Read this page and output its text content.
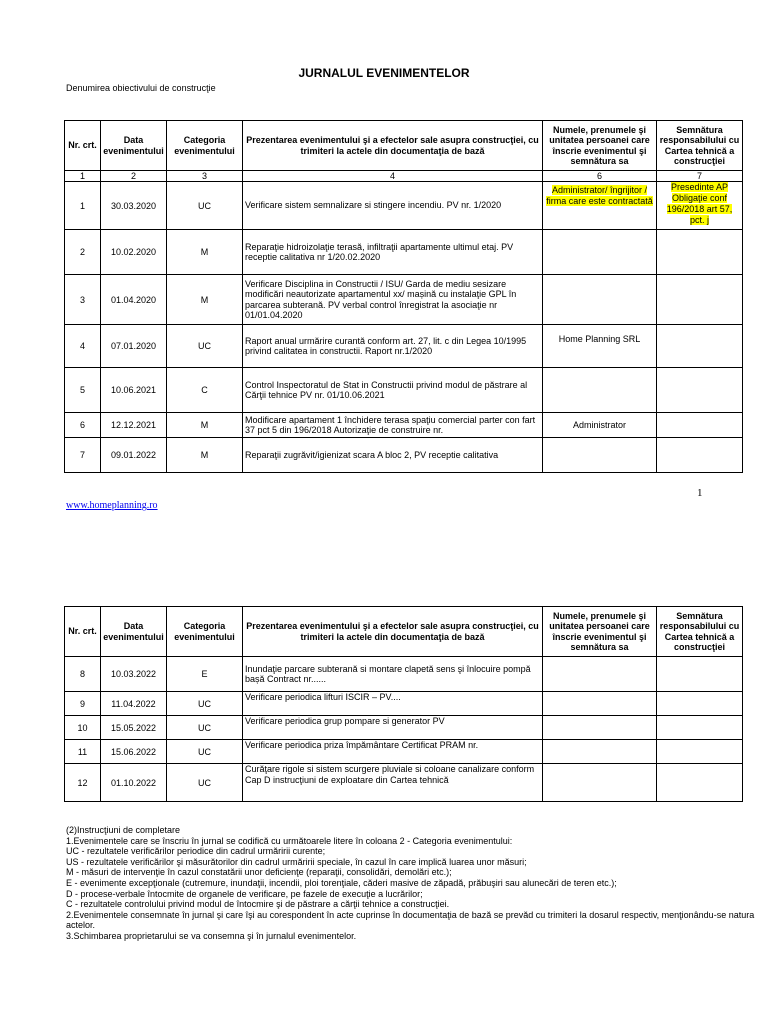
JURNALUL EVENIMENTELOR
Denumirea obiectivului de construcţie
Nr. crt.	Data evenimentului	Categoria evenimentului	Prezentarea evenimentului şi a efectelor sale asupra construcţiei, cu trimiteri la actele din documentaţia de bază	Numele, prenumele şi unitatea persoanei care înscrie evenimentul şi semnătura sa	Semnătura responsabilului cu Cartea tehnică a construcţiei
1	2	3	4	6	7
1	30.03.2020	UC	Verificare sistem semnalizare si stingere incendiu. PV nr. 1/2020	Administrator/ îngrijitor / firma care este contractată	Presedinte AP Obligaţie conf 196/2018 art 57, pct. j
2	10.02.2020	M	Reparaţie hidroizolaţie terasă, infiltraţii apartamente ultimul etaj. PV receptie calitativa nr 1/20.02.2020		
3	01.04.2020	M	Verificare Disciplina in Constructii / ISU/ Garda de mediu sesizare modificări neautorizate apartamentul xx/ mașină cu instalaţie GPL în parcarea subterană. PV verbal control înregistrat la asociaţie nr 01/01.04.2020		
4	07.01.2020	UC	Raport anual urmărire curantă conform art. 27, lit. c din Legea 10/1995 privind calitatea in constructii. Raport nr.1/2020	Home Planning SRL	
5	10.06.2021	C	Control Inspectoratul de Stat in Constructii privind modul de păstrare al Cărţii tehnice PV nr. 01/10.06.2021		
6	12.12.2021	M	Modificare apartament 1 închidere terasa spaţiu comercial parter con fart 37 pct 5 din 196/2018 Autorizaţie de construire nr.	Administrator	
7	09.01.2022	M	Reparaţii zugrăvit/igienizat scara A bloc 2, PV receptie calitativa		
1
www.homeplanning.ro
Nr. crt.	Data evenimentului	Categoria evenimentului	Prezentarea evenimentului şi a efectelor sale asupra construcţiei, cu trimiteri la actele din documentaţia de bază	Numele, prenumele şi unitatea persoanei care înscrie evenimentul şi semnătura sa	Semnătura responsabilului cu Cartea tehnică a construcţiei
8	10.03.2022	E	Inundaţie parcare subterană si montare clapetă sens şi înlocuire pompă bașă Contract nr......		
9	11.04.2022	UC	Verificare periodica lifturi ISCIR – PV....		
10	15.05.2022	UC	Verificare periodica grup pompare si generator PV		
11	15.06.2022	UC	Verificare periodica priza împământare Certificat PRAM nr.		
12	01.10.2022	UC	Curăţare rigole si sistem scurgere pluviale si coloane canalizare conform Cap D instrucţiuni de exploatare din Cartea tehnică		
(2)Instrucţiuni de completare
1.Evenimentele care se înscriu în jurnal se codifică cu următoarele litere în coloana 2 - Categoria evenimentului:
UC - rezultatele verificărilor periodice din cadrul urmăririi curente;
US - rezultatele verificărilor şi măsurătorilor din cadrul urmăririi speciale, în cazul în care implică luarea unor măsuri;
M - măsuri de intervenţie în cazul constatării unor deficienţe (reparaţii, consolidări, demolări etc.);
E - evenimente excepţionale (cutremure, inundaţii, incendii, ploi torenţiale, căderi masive de zăpadă, prăbuşiri sau alunecări de teren etc.);
D - procese-verbale întocmite de organele de verificare, pe fazele de execuţie a lucrărilor;
C - rezultatele controlului privind modul de întocmire şi de păstrare a cărţii tehnice a construcţiei.
2.Evenimentele consemnate în jurnal şi care îşi au corespondent în acte cuprinse în documentaţia de bază se prevăd cu trimiteri la dosarul respectiv, menţionându-se natura actelor.
3.Schimbarea proprietarului se va consemna şi în jurnalul evenimentelor.
